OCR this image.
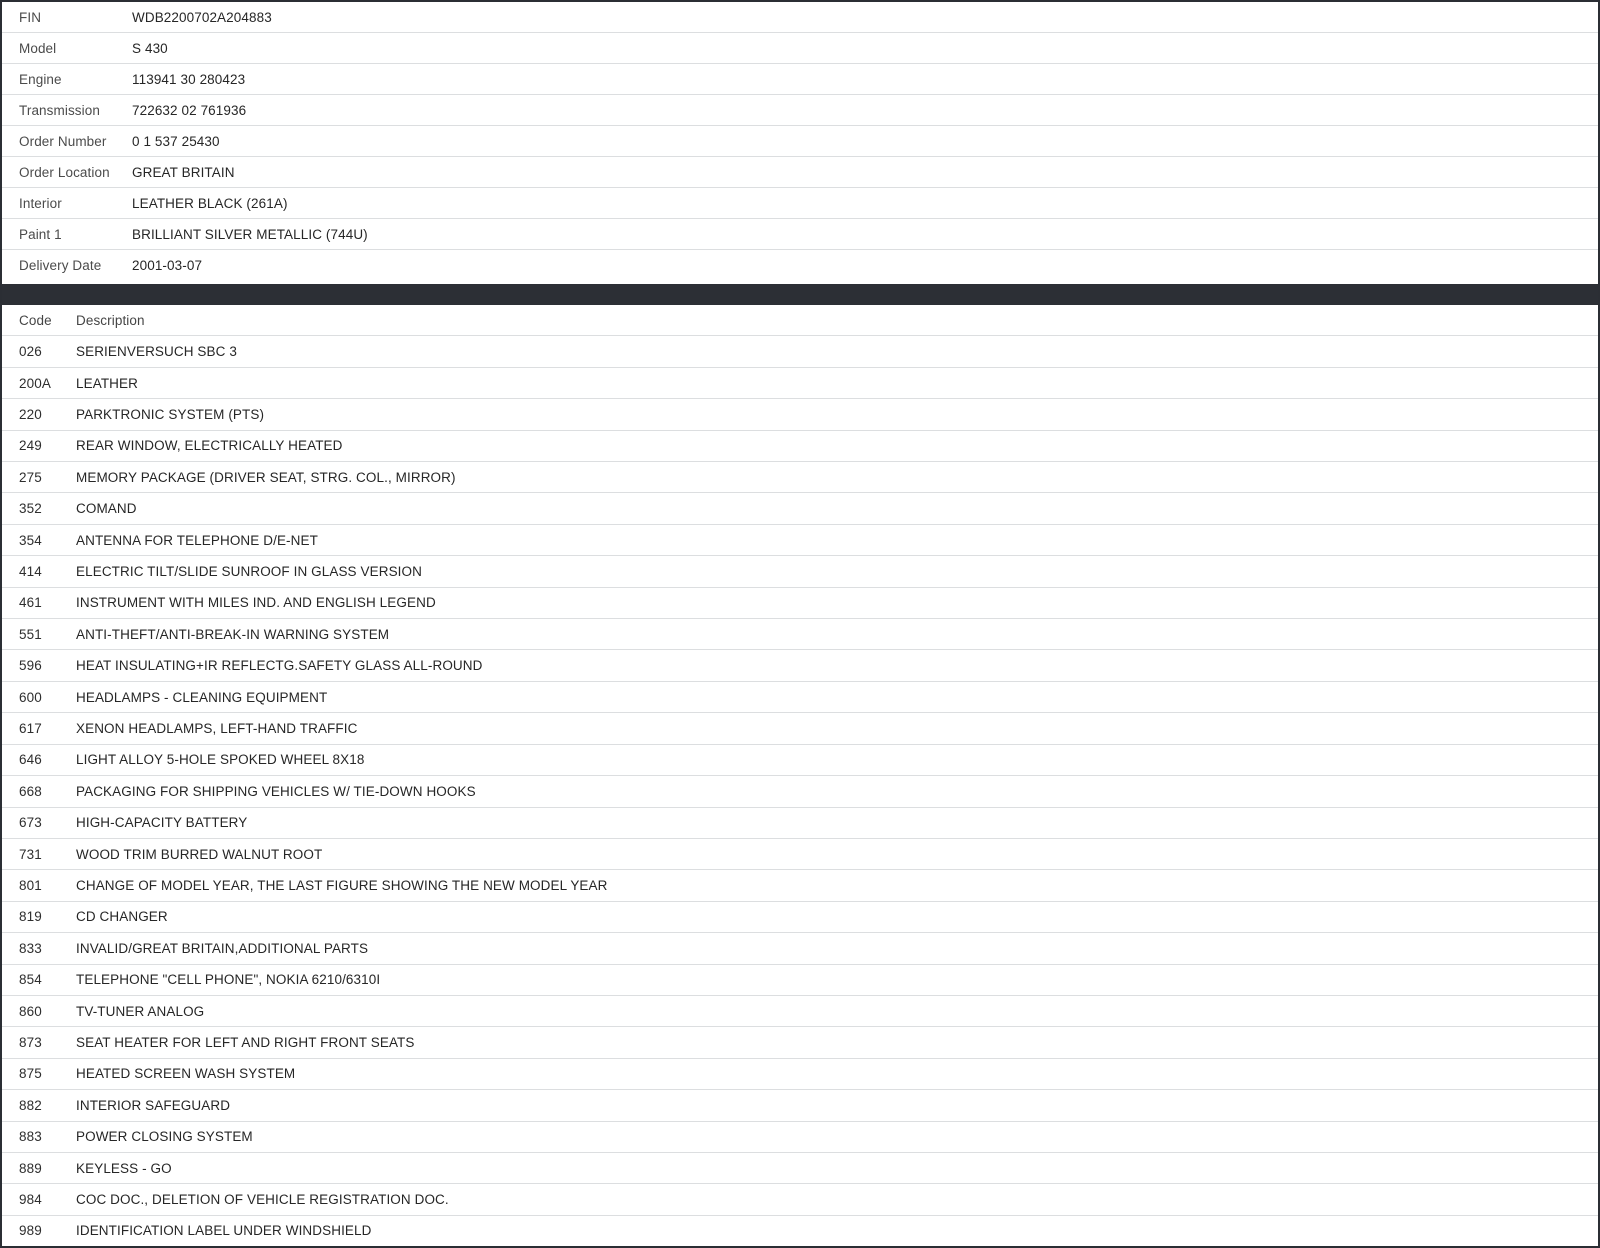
FIN	WDB2200702A204883
Model	S 430
Engine	113941 30 280423
Transmission	722632 02 761936
Order Number	0 1 537 25430
Order Location	GREAT BRITAIN
Interior	LEATHER BLACK (261A)
Paint 1	BRILLIANT SILVER METALLIC (744U)
Delivery Date	2001-03-07
Code	Description
026	SERIENVERSUCH SBC 3
200A	LEATHER
220	PARKTRONIC SYSTEM (PTS)
249	REAR WINDOW, ELECTRICALLY HEATED
275	MEMORY PACKAGE (DRIVER SEAT, STRG. COL., MIRROR)
352	COMAND
354	ANTENNA FOR TELEPHONE D/E-NET
414	ELECTRIC TILT/SLIDE SUNROOF IN GLASS VERSION
461	INSTRUMENT WITH MILES IND. AND ENGLISH LEGEND
551	ANTI-THEFT/ANTI-BREAK-IN WARNING SYSTEM
596	HEAT INSULATING+IR REFLECTG.SAFETY GLASS ALL-ROUND
600	HEADLAMPS - CLEANING EQUIPMENT
617	XENON HEADLAMPS, LEFT-HAND TRAFFIC
646	LIGHT ALLOY 5-HOLE SPOKED WHEEL 8X18
668	PACKAGING FOR SHIPPING VEHICLES W/ TIE-DOWN HOOKS
673	HIGH-CAPACITY BATTERY
731	WOOD TRIM BURRED WALNUT ROOT
801	CHANGE OF MODEL YEAR, THE LAST FIGURE SHOWING THE NEW MODEL YEAR
819	CD CHANGER
833	INVALID/GREAT BRITAIN,ADDITIONAL PARTS
854	TELEPHONE "CELL PHONE", NOKIA 6210/6310I
860	TV-TUNER ANALOG
873	SEAT HEATER FOR LEFT AND RIGHT FRONT SEATS
875	HEATED SCREEN WASH SYSTEM
882	INTERIOR SAFEGUARD
883	POWER CLOSING SYSTEM
889	KEYLESS - GO
984	COC DOC., DELETION OF VEHICLE REGISTRATION DOC.
989	IDENTIFICATION LABEL UNDER WINDSHIELD
